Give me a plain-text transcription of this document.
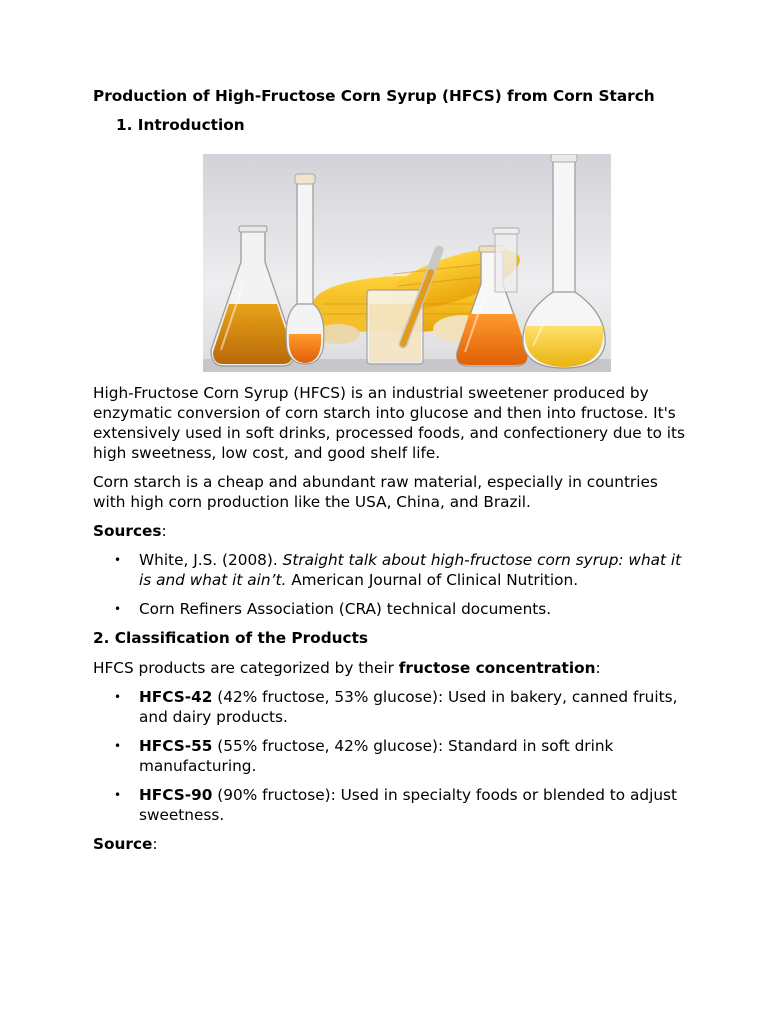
Production of High-Fructose Corn Syrup (HFCS) from Corn Starch
1. Introduction

High-Fructose Corn Syrup (HFCS) is an industrial sweetener produced by enzymatic conversion of corn starch into glucose and then into fructose. It's extensively used in soft drinks, processed foods, and confectionery due to its high sweetness, low cost, and good shelf life.

Corn starch is a cheap and abundant raw material, especially in countries with high corn production like the USA, China, and Brazil.

Sources:
• White, J.S. (2008). Straight talk about high-fructose corn syrup: what it is and what it ain’t. American Journal of Clinical Nutrition.
• Corn Refiners Association (CRA) technical documents.
2. Classification of the Products

HFCS products are categorized by their fructose concentration:

• HFCS-42 (42% fructose, 53% glucose): Used in bakery, canned fruits, and dairy products.
• HFCS-55 (55% fructose, 42% glucose): Standard in soft drink manufacturing.
• HFCS-90 (90% fructose): Used in specialty foods or blended to adjust sweetness.
Source:
